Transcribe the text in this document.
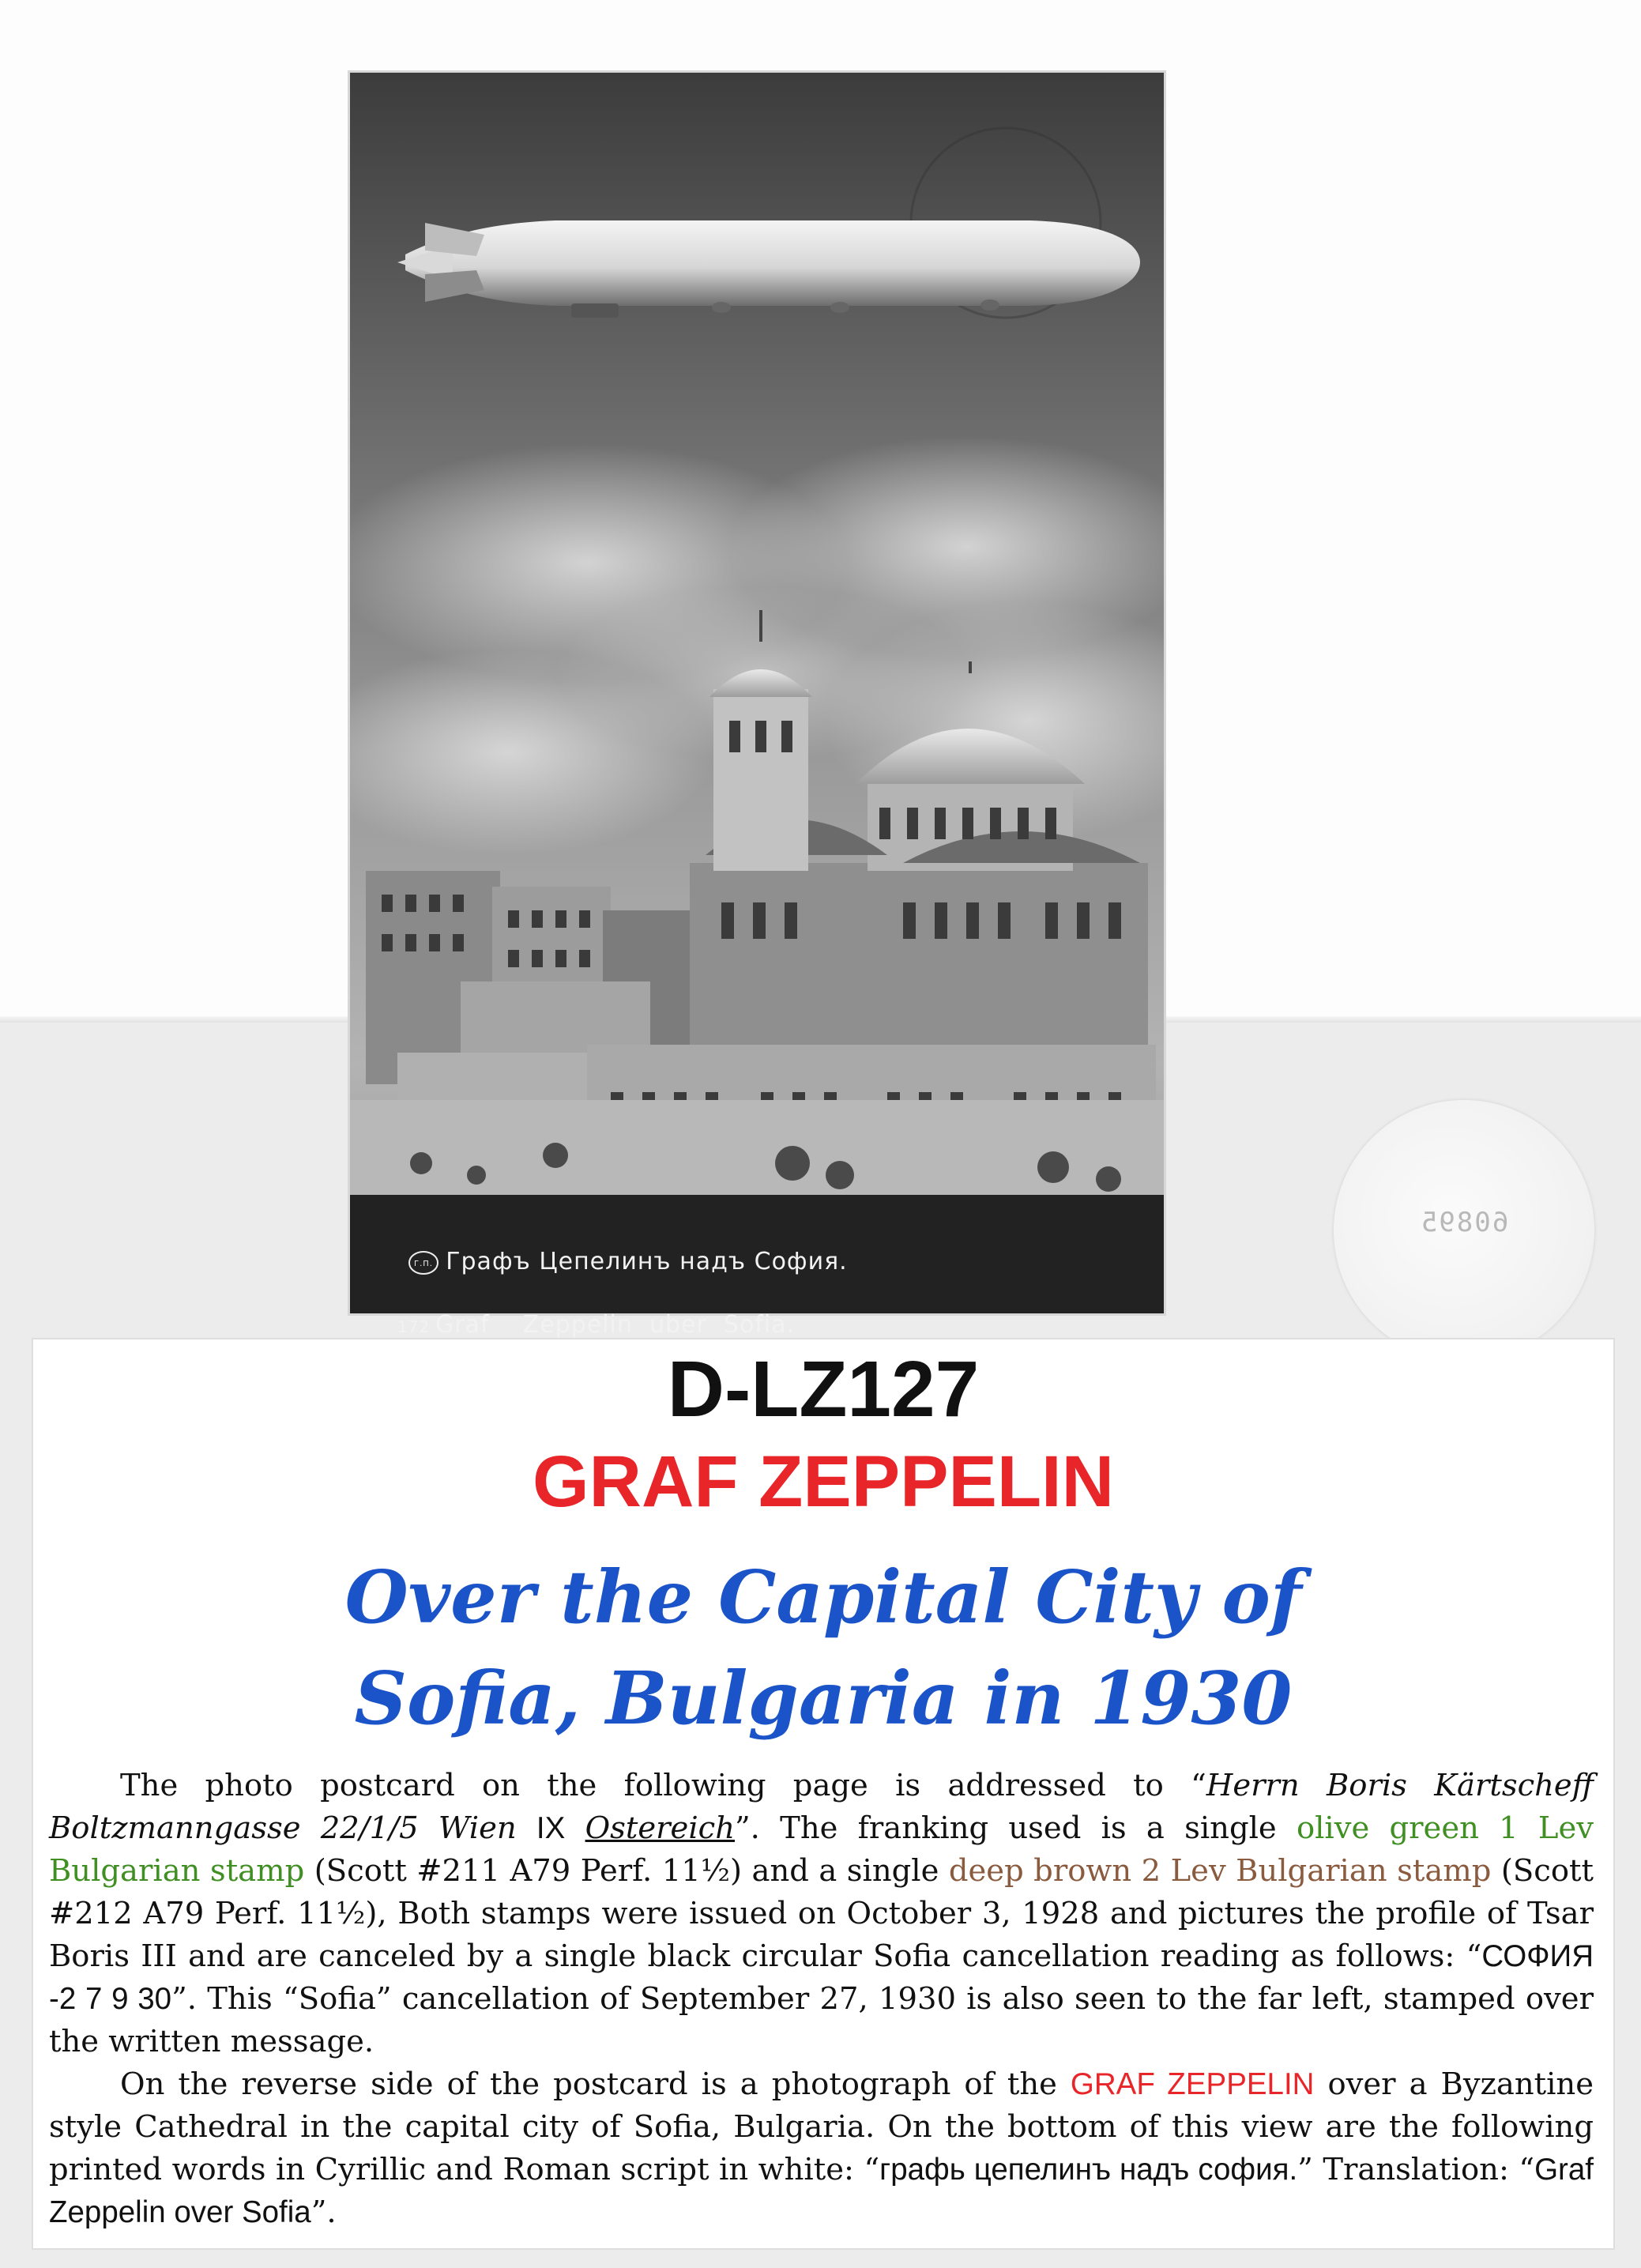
Г.П. Графъ Цепелинъ надъ София.

172 Graf    Zeppelin  uber  Sofia.
60895
D-LZ127
GRAF ZEPPELIN
Over the Capital City of
Sofia, Bulgaria in 1930

The photo postcard on the following page is addressed to “Herrn Boris Kärtscheff Boltzmanngasse 22/1/5 Wien IX Ostereich”. The franking used is a single olive green 1 Lev Bulgarian stamp (Scott #211 A79 Perf. 11½) and a single deep brown 2 Lev Bulgarian stamp (Scott #212 A79 Perf. 11½), Both stamps were issued on October 3, 1928 and pictures the profile of Tsar Boris III and are canceled by a single black circular Sofia cancellation reading as follows: “СОФИЯ -2 7 9 30”. This “Sofia” cancellation of September 27, 1930 is also seen to the far left, stamped over the written message.

On the reverse side of the postcard is a photograph of the GRAF ZEPPELIN over a Byzantine style Cathedral in the capital city of Sofia, Bulgaria. On the bottom of this view are the following printed words in Cyrillic and Roman script in white: “графь цепелинъ надъ софия.” Translation: “Graf Zeppelin over Sofia”.
